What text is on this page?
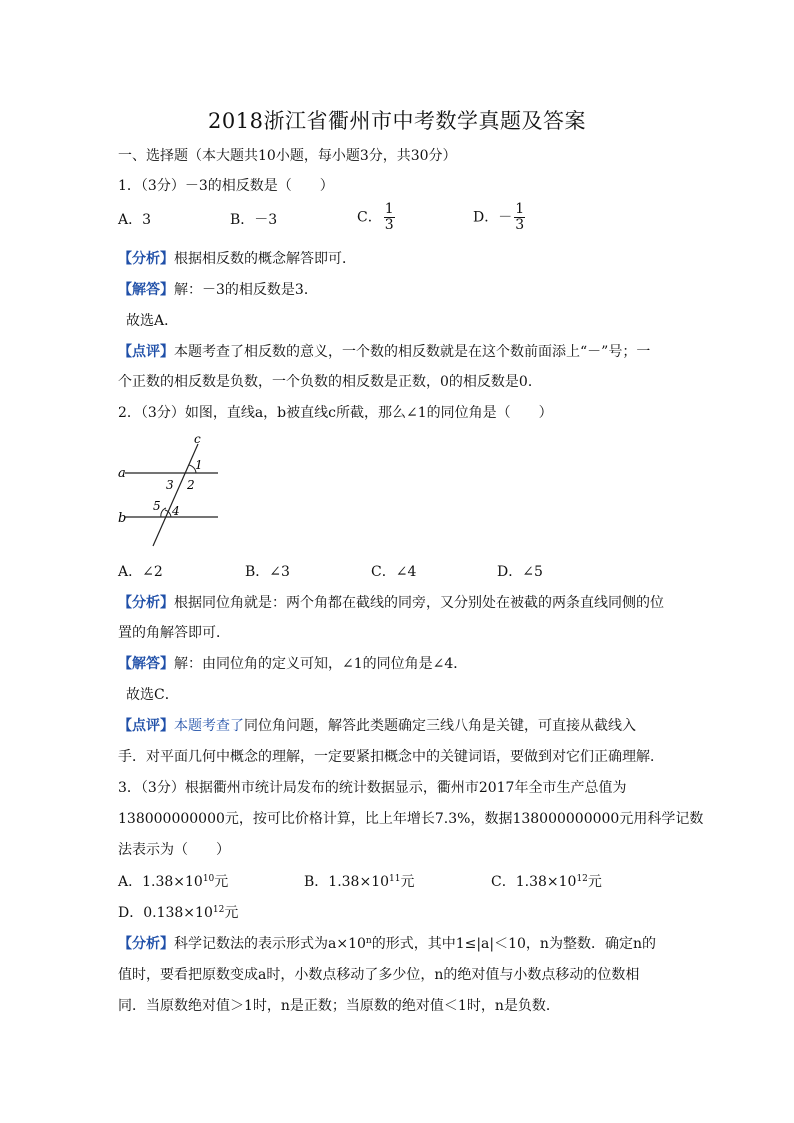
2018浙江省衢州市中考数学真题及答案
一、选择题（本大题共10小题，每小题3分，共30分）
1．（3分）－3的相反数是（　　）
A．3	B．－3	C． $\frac{1}{3}$	D．－ $\frac{1}{3}$
【分析】根据相反数的概念解答即可．
【解答】解：－3的相反数是3．
故选A．
【点评】本题考查了相反数的意义，一个数的相反数就是在这个数前面添上“－”号；一
个正数的相反数是负数，一个负数的相反数是正数，0的相反数是0．
2．（3分）如图，直线a，b被直线c所截，那么∠1的同位角是（　　）
c
a
b
1
2
3
4
5
A．∠2	B．∠3	C．∠4	D．∠5
【分析】根据同位角就是：两个角都在截线的同旁，又分别处在被截的两条直线同侧的位
置的角解答即可．
【解答】解：由同位角的定义可知，∠1的同位角是∠4．
故选C．
【点评】本题考查了同位角问题，解答此类题确定三线八角是关键，可直接从截线入
手．对平面几何中概念的理解，一定要紧扣概念中的关键词语，要做到对它们正确理解．
3．（3分）根据衢州市统计局发布的统计数据显示，衢州市2017年全市生产总值为
138000000000元，按可比价格计算，比上年增长7.3%，数据138000000000元用科学记数
法表示为（　　）
A．$1.38\times 10^{10}$元	B．$1.38\times 10^{11}$元	C．$1.38\times 10^{12}$元
D．$0.138\times 10^{12}$元
【分析】科学记数法的表示形式为$a\times 10^n$的形式，其中1≤|a|＜10，n为整数．确定n的
值时，要看把原数变成a时，小数点移动了多少位，n的绝对值与小数点移动的位数相
同．当原数绝对值＞1时，n是正数；当原数的绝对值＜1时，n是负数．
